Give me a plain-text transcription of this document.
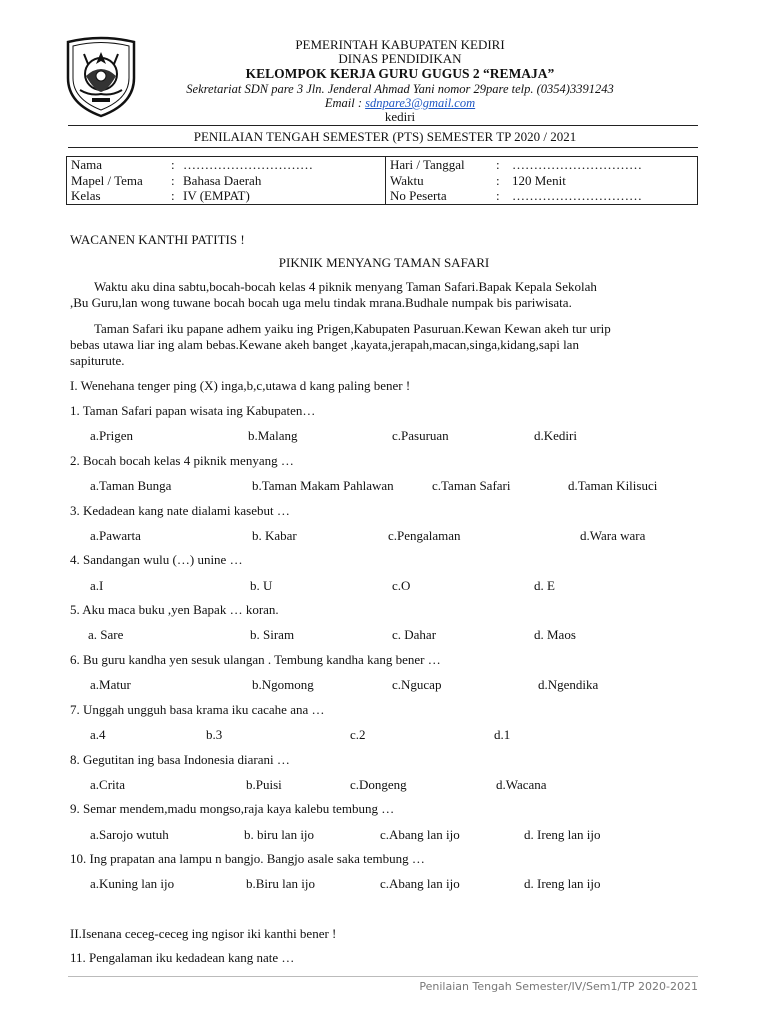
PEMERINTAH KABUPATEN KEDIRI
DINAS PENDIDIKAN
KELOMPOK KERJA GURU GUGUS 2 “REMAJA”
Sekretariat SDN pare 3 Jln. Jenderal Ahmad Yani nomor 29pare telp. (0354)3391243
Email : sdnpare3@gmail.com
kediri
PENILAIAN TENGAH SEMESTER (PTS) SEMESTER TP 2020 / 2021
Nama	: …………………………
Mapel / Tema	: Bahasa Daerah
Kelas	: IV (EMPAT)

Hari / Tanggal	: …………………………
Waktu	: 120 Menit
No Peserta	: …………………………
WACANEN KANTHI PATITIS !
PIKNIK MENYANG TAMAN SAFARI
Waktu aku dina sabtu,bocah-bocah kelas 4 piknik menyang Taman Safari.Bapak Kepala Sekolah
,Bu Guru,lan wong tuwane bocah bocah uga melu tindak mrana.Budhale numpak bis pariwisata.
Taman Safari iku papane adhem yaiku ing Prigen,Kabupaten Pasuruan.Kewan Kewan akeh tur urip
bebas utawa liar ing alam bebas.Kewane akeh banget ,kayata,jerapah,macan,singa,kidang,sapi lan
sapiturute.
I. Wenehana tenger ping (X) inga,b,c,utawa d kang paling bener !
1. Taman Safari papan wisata ing Kabupaten…
a.Prigen	b.Malang	c.Pasuruan	d.Kediri
2. Bocah bocah kelas 4 piknik menyang …
a.Taman Bunga	b.Taman Makam Pahlawan	c.Taman Safari	d.Taman Kilisuci
3. Kedadean kang nate dialami kasebut …
a.Pawarta	b. Kabar	c.Pengalaman	d.Wara wara
4. Sandangan wulu (…) unine …
a.I	b. U	c.O	d. E
5. Aku maca buku ,yen Bapak … koran.
a. Sare	b. Siram	c. Dahar	d. Maos
6. Bu guru kandha yen sesuk ulangan . Tembung kandha kang bener …
a.Matur	b.Ngomong	c.Ngucap	d.Ngendika
7. Unggah ungguh basa krama iku cacahe ana …
a.4	b.3	c.2	d.1
8. Gegutitan ing basa Indonesia diarani …
a.Crita	b.Puisi	c.Dongeng	d.Wacana
9. Semar mendem,madu mongso,raja kaya kalebu tembung …
a.Sarojo wutuh	b. biru lan ijo	c.Abang lan ijo	d. Ireng lan ijo
10. Ing prapatan ana lampu n bangjo. Bangjo asale saka tembung …
a.Kuning lan ijo	b.Biru lan ijo	c.Abang lan ijo	d. Ireng lan ijo
II.Isenana ceceg-ceceg ing ngisor iki kanthi bener !
11. Pengalaman iku kedadean kang nate …
Penilaian Tengah Semester/IV/Sem1/TP 2020-2021
